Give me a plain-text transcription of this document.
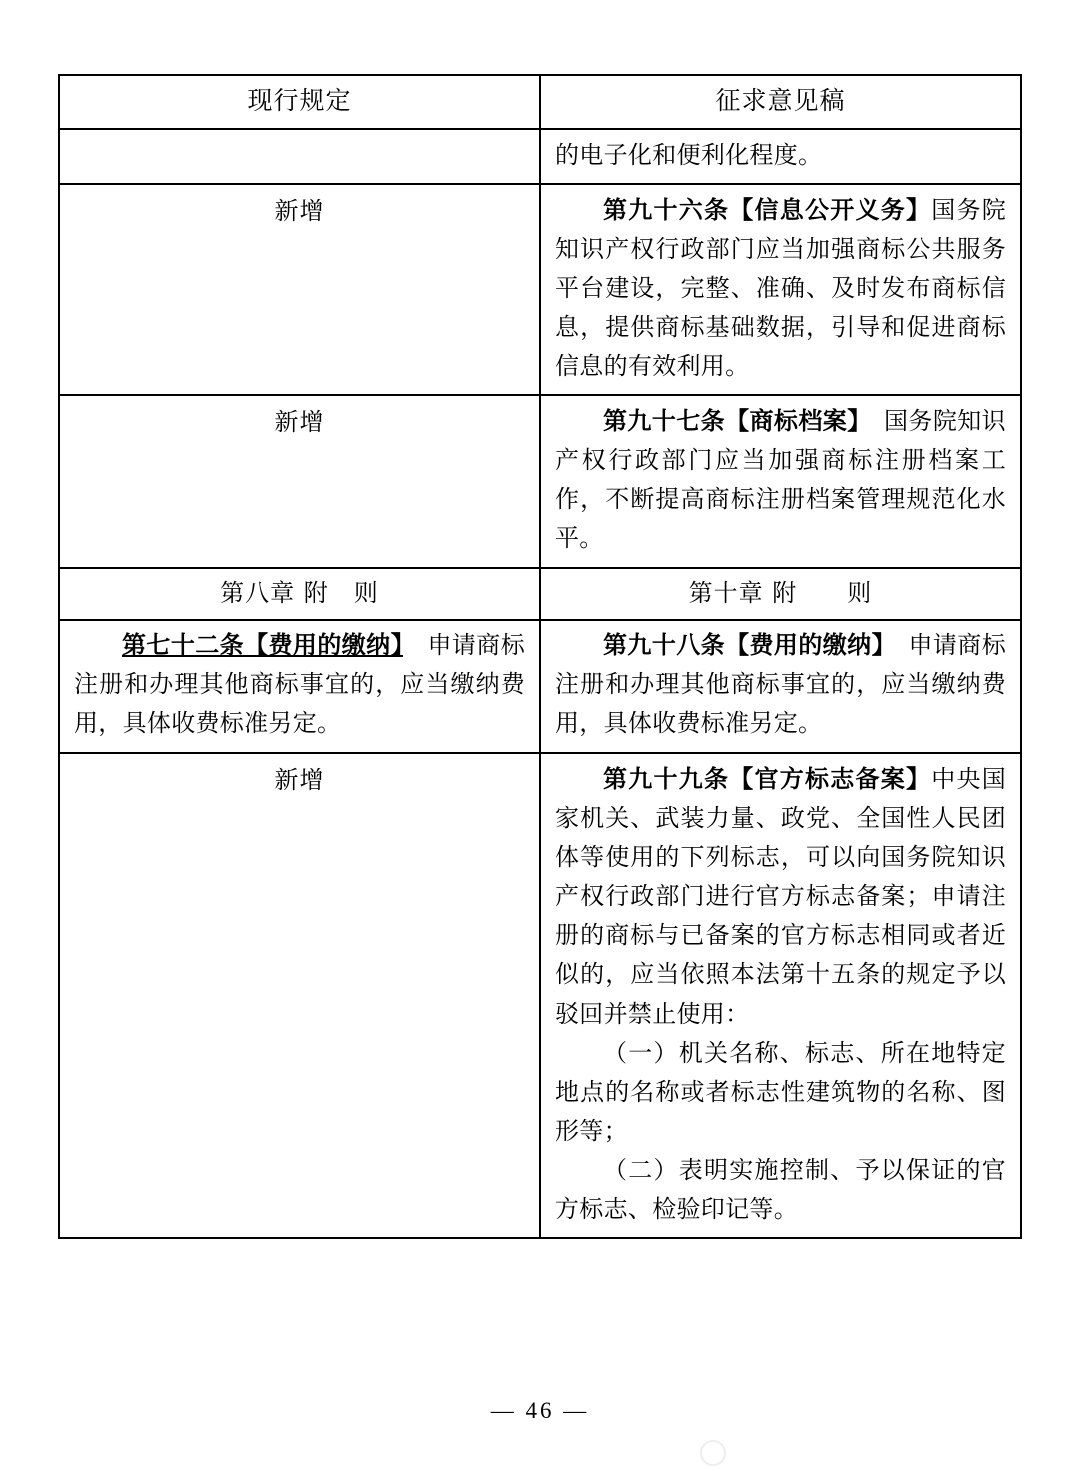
现行规定	征求意见稿
	的电子化和便利化程度。
新增	第九十六条【信息公开义务】国务院知识产权行政部门应当加强商标公共服务平台建设，完整、准确、及时发布商标信息，提供商标基础数据，引导和促进商标信息的有效利用。

新增	第九十七条【商标档案】　 国务院知识产权行政部门应当加强商标注册档案工作，不断提高商标注册档案管理规范化水平。

第八章 附　则	第十章 附　　则

第七十二条【费用的缴纳】　 申请商标注册和办理其他商标事宜的，应当缴纳费用，具体收费标准另定。	第九十八条【费用的缴纳】　 申请商标注册和办理其他商标事宜的，应当缴纳费用，具体收费标准另定。

新增	第九十九条【官方标志备案】中央国家机关、武装力量、政党、全国性人民团体等使用的下列标志，可以向国务院知识产权行政部门进行官方标志备案；申请注册的商标与已备案的官方标志相同或者近似的，应当依照本法第十五条的规定予以驳回并禁止使用：
（一）机关名称、标志、所在地特定地点的名称或者标志性建筑物的名称、图形等；
（二）表明实施控制、予以保证的官方标志、检验印记等。
— 46 —
